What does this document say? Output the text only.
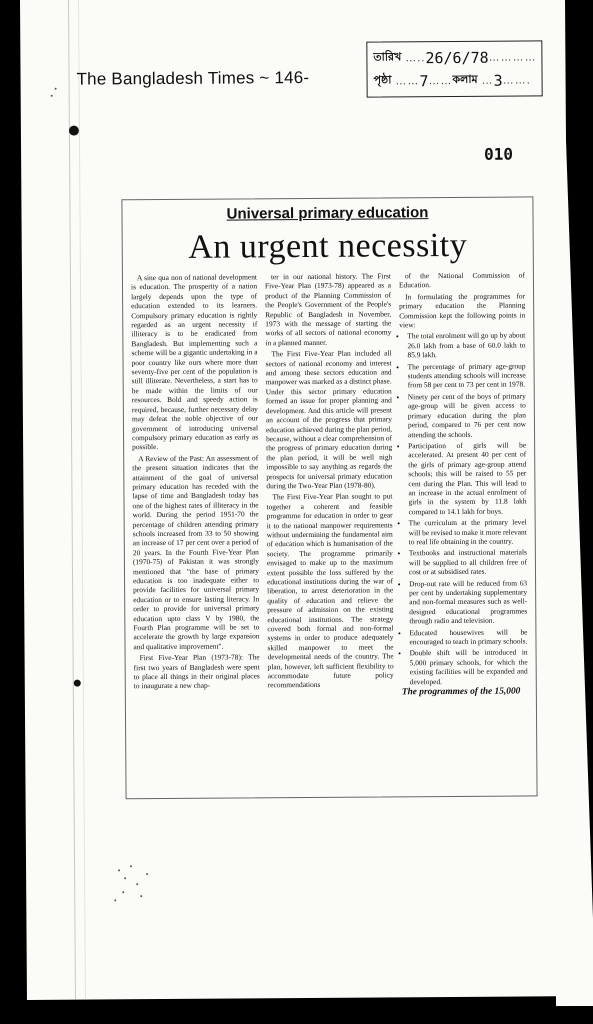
The Bangladesh Times ~ 146-
তারিখ ….. 26/6/78 …………
পৃষ্ঠা …… 7 …… কলাম … 3 …….
010
Universal primary education
An urgent necessity

A sine qua non of national development is education. The prosperity of a nation largely depends upon the type of education extended to its learners. Compulsory primary education is rightly regarded as an urgent necessity if illiteracy is to be eradicated from Bangladesh. But implementing such a scheme will be a gigantic undertaking in a poor country like ours where more than seventy-five per cent of the population is still illiterate. Nevertheless, a start has to be made within the limits of our resources. Bold and speedy action is required, because, further necessary delay may defeat the noble objective of our government of introducing universal compulsory primary education as early as possible.

A Review of the Past: An assessment of the present situation indicates that the attainment of the goal of universal primary education has receded with the lapse of time and Bangladesh today has one of the highest rates of illiteracy in the world. During the period 1951-70 the percentage of children attending primary schools increased from 33 to 50 showing an increase of 17 per cent over a period of 20 years. In the Fourth Five-Year Plan (1970-75) of Pakistan it was strongly mentioned that "the base of primary education is too inadequate either to provide facilities for universal primary education or to ensure lasting literacy. In order to provide for universal primary education upto class V by 1980, the Fourth Plan programme will be set to accelerate the growth by large expansion and qualitative improvement".

First Five-Year Plan (1973-78): The first two years of Bangladesh were spent to place all things in their original places to inaugurate a new chap-

ter in our national history. The First Five-Year Plan (1973-78) appeared as a product of the Planning Commission of the People's Government of the People's Republic of Bangladesh in November, 1973 with the message of starting the works of all sectors of national economy in a planned manner.

The First Five-Year Plan included all sectors of national economy and interest and among these sectors education and manpower was marked as a distinct phase. Under this sector primary education formed an issue for proper planning and development. And this article will present an account of the progress that primary education achieved during the plan period, because, without a clear comprehension of the progress of primary education during the plan period, it will be well nigh impossible to say anything as regards the prospects for universal primary education during the Two-Year Plan (1978-80).

The First Five-Year Plan sought to put together a coherent and feasible programme for education in order to gear it to the national manpower requirements without undermining the fundamental aim of education which is humanisation of the society. The programme primarily envisaged to make up to the maximum extent possible the loss suffered by the educational institutions during the war of liberation, to arrest deterioration in the quality of education and relieve the pressure of admission on the existing educational institutions. The strategy covered both formal and non-formal systems in order to produce adequately skilled manpower to meet the developmental needs of the country. The plan, however, left sufficient flexibility to accommodate future policy recommendations

of the National Commission of Education.

In formulating the programmes for primary education the Planning Commission kept the following points in view:

• The total enrolment will go up by about 26.0 lakh from a base of 60.0 lakh to 85.9 lakh.
• The percentage of primary age-group students attending schools will increase from 58 per cent to 73 per cent in 1978.
• Ninety per cent of the boys of primary age-group will be given access to primary education during the plan period, compared to 76 per cent now attending the schools.
• Participation of girls will be accelerated. At present 40 per cent of the girls of primary age-group attend schools; this will be raised to 55 per cent during the Plan. This will lead to an increase in the actual enrolment of girls in the system by 11.8 lakh compared to 14.1 lakh for boys.
• The curriculum at the primary level will be revised to make it more relevant to real life obtaining in the country.
• Textbooks and instructional materials will be supplied to all children free of cost or at subsidised rates.
• Drop-out rate will be reduced from 63 per cent by undertaking supplementary and non-formal measures such as well-designed educational programmes through radio and television.
• Educated housewives will be encouraged to teach in primary schools.
• Double shift will be introduced in 5,000 primary schools, for which the existing facilities will be expanded and developed.
The programmes of the 15,000
